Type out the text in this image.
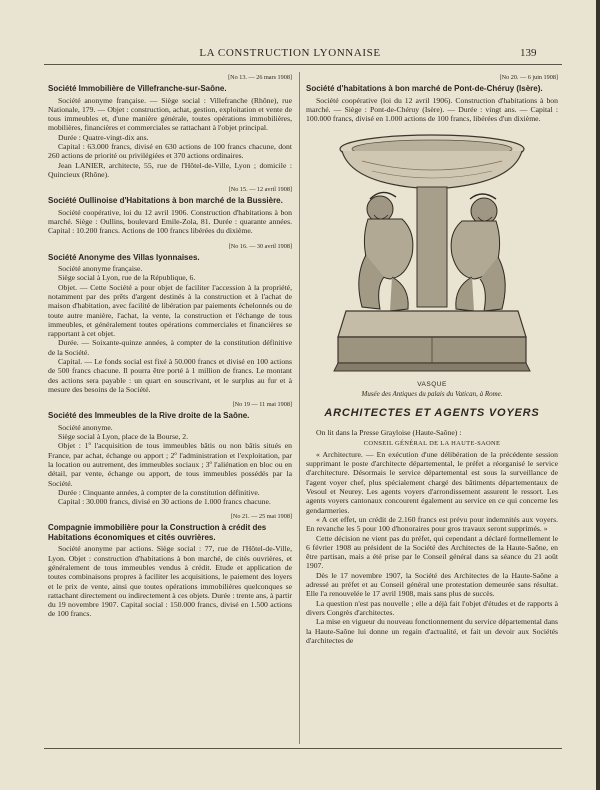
LA CONSTRUCTION LYONNAISE	139
[No 13. — 26 mars 1908]
Société Immobilière de Villefranche-sur-Saône.

Société anonyme française. — Siège social : Villefranche (Rhône), rue Nationale, 179. — Objet : construction, achat, gestion, exploitation et vente de tous immeubles et, d'une manière générale, toutes opérations immobilières, mobilières, financières et commerciales se rattachant à l'objet principal.

Durée : Quatre-vingt-dix ans.

Capital : 63.000 francs, divisé en 630 actions de 100 francs chacune, dont 260 actions de priorité ou privilégiées et 370 actions ordinaires.

Jean LANIER, architecte, 55, rue de l'Hôtel-de-Ville, Lyon ; domicile : Quincieux (Rhône).

[No 15. — 12 avril 1908]
Société Oullinoise d'Habitations à bon marché de la Bussière.

Société coopérative, loi du 12 avril 1906. Construction d'habitations à bon marché. Siège : Oullins, boulevard Emile-Zola, 81. Durée : quarante années. Capital : 10.200 francs. Actions de 100 francs libérées du dixième.

[No 16. — 30 avril 1908]
Société Anonyme des Villas lyonnaises.

Société anonyme française.

Siège social à Lyon, rue de la République, 6.

Objet. — Cette Société a pour objet de faciliter l'accession à la propriété, notamment par des prêts d'argent destinés à la construction et à l'achat de maison d'habitation, avec facilité de libération par paiements échelonnés ou de toute autre manière, l'achat, la vente, la construction et l'échange de tous immeubles, et généralement toutes opérations commerciales et financières se rapportant à cet objet.

Durée. — Soixante-quinze années, à compter de la constitution définitive de la Société.

Capital. — Le fonds social est fixé à 50.000 francs et divisé en 100 actions de 500 francs chacune. Il pourra être porté à 1 million de francs. Le montant des actions sera payable : un quart en souscrivant, et le surplus au fur et à mesure des besoins de la Société.

[No 19 — 11 mai 1908]
Société des Immeubles de la Rive droite de la Saône.

Société anonyme.

Siège social à Lyon, place de la Bourse, 2.

Objet : 1º l'acquisition de tous immeubles bâtis ou non bâtis situés en France, par achat, échange ou apport ; 2º l'administration et l'exploitation, par la location ou autrement, des immeubles sociaux ; 3º l'aliénation en bloc ou en détail, par vente, échange ou apport, de tous immeubles possédés par la Société.

Durée : Cinquante années, à compter de la constitution définitive.

Capital : 30.000 francs, divisé en 30 actions de 1.000 francs chacune.

[No 21. — 25 mai 1908]
Compagnie immobilière pour la Construction à crédit des Habitations économiques et cités ouvrières.

Société anonyme par actions. Siège social : 77, rue de l'Hôtel-de-Ville, Lyon. Objet : construction d'habitations à bon marché, de cités ouvrières, et généralement de tous immeubles vendus à crédit. Etude et application de toutes combinaisons propres à faciliter les acquisitions, le paiement des loyers et le prix de vente, ainsi que toutes opérations immobilières quelconques se rattachant directement ou indirectement à ces objets. Durée : trente ans, à partir du 19 novembre 1907. Capital social : 150.000 francs, divisé en 1.500 actions de 100 francs.

[No 20. — 6 juin 1908]
Société d'habitations à bon marché de Pont-de-Chéruy (Isère).

Société coopérative (loi du 12 avril 1906). Construction d'habitations à bon marché. — Siège : Pont-de-Chéruy (Isère). — Durée : vingt ans. — Capital : 100.000 francs, divisé en 1.000 actions de 100 francs, libérées d'un dixième.

VASQUE
Musée des Antiques du palais du Vatican, à Rome.
ARCHITECTES ET AGENTS VOYERS

On lit dans la Presse Grayloise (Haute-Saône) :

CONSEIL GÉNÉRAL DE LA HAUTE-SAONE

« Architecture. — En exécution d'une délibération de la précédente session supprimant le poste d'architecte départemental, le préfet a réorganisé le service d'architecture. Désormais le service départemental est sous la surveillance de l'agent voyer chef, plus spécialement chargé des bâtiments départementaux de Vesoul et Neurey. Les agents voyers d'arrondissement assurent le ressort. Les agents voyers cantonaux concourent également au service en ce qui concerne les gendarmeries.

« A cet effet, un crédit de 2.160 francs est prévu pour indemnités aux voyers. En revanche les 5 pour 100 d'honoraires pour gros travaux seront supprimés. »

Cette décision ne vient pas du préfet, qui cependant a déclaré formellement le 6 février 1908 au président de la Société des Architectes de la Haute-Saône, en être partisan, mais a été prise par le Conseil général dans sa séance du 21 août 1907.

Dès le 17 novembre 1907, la Société des Architectes de la Haute-Saône a adressé au préfet et au Conseil général une protestation demeurée sans résultat. Elle l'a renouvelée le 17 avril 1908, mais sans plus de succès.

La question n'est pas nouvelle ; elle a déjà fait l'objet d'études et de rapports à divers Congrès d'architectes.

La mise en vigueur du nouveau fonctionnement du service départemental dans la Haute-Saône lui donne un regain d'actualité, et fait un devoir aux Sociétés d'architectes de
